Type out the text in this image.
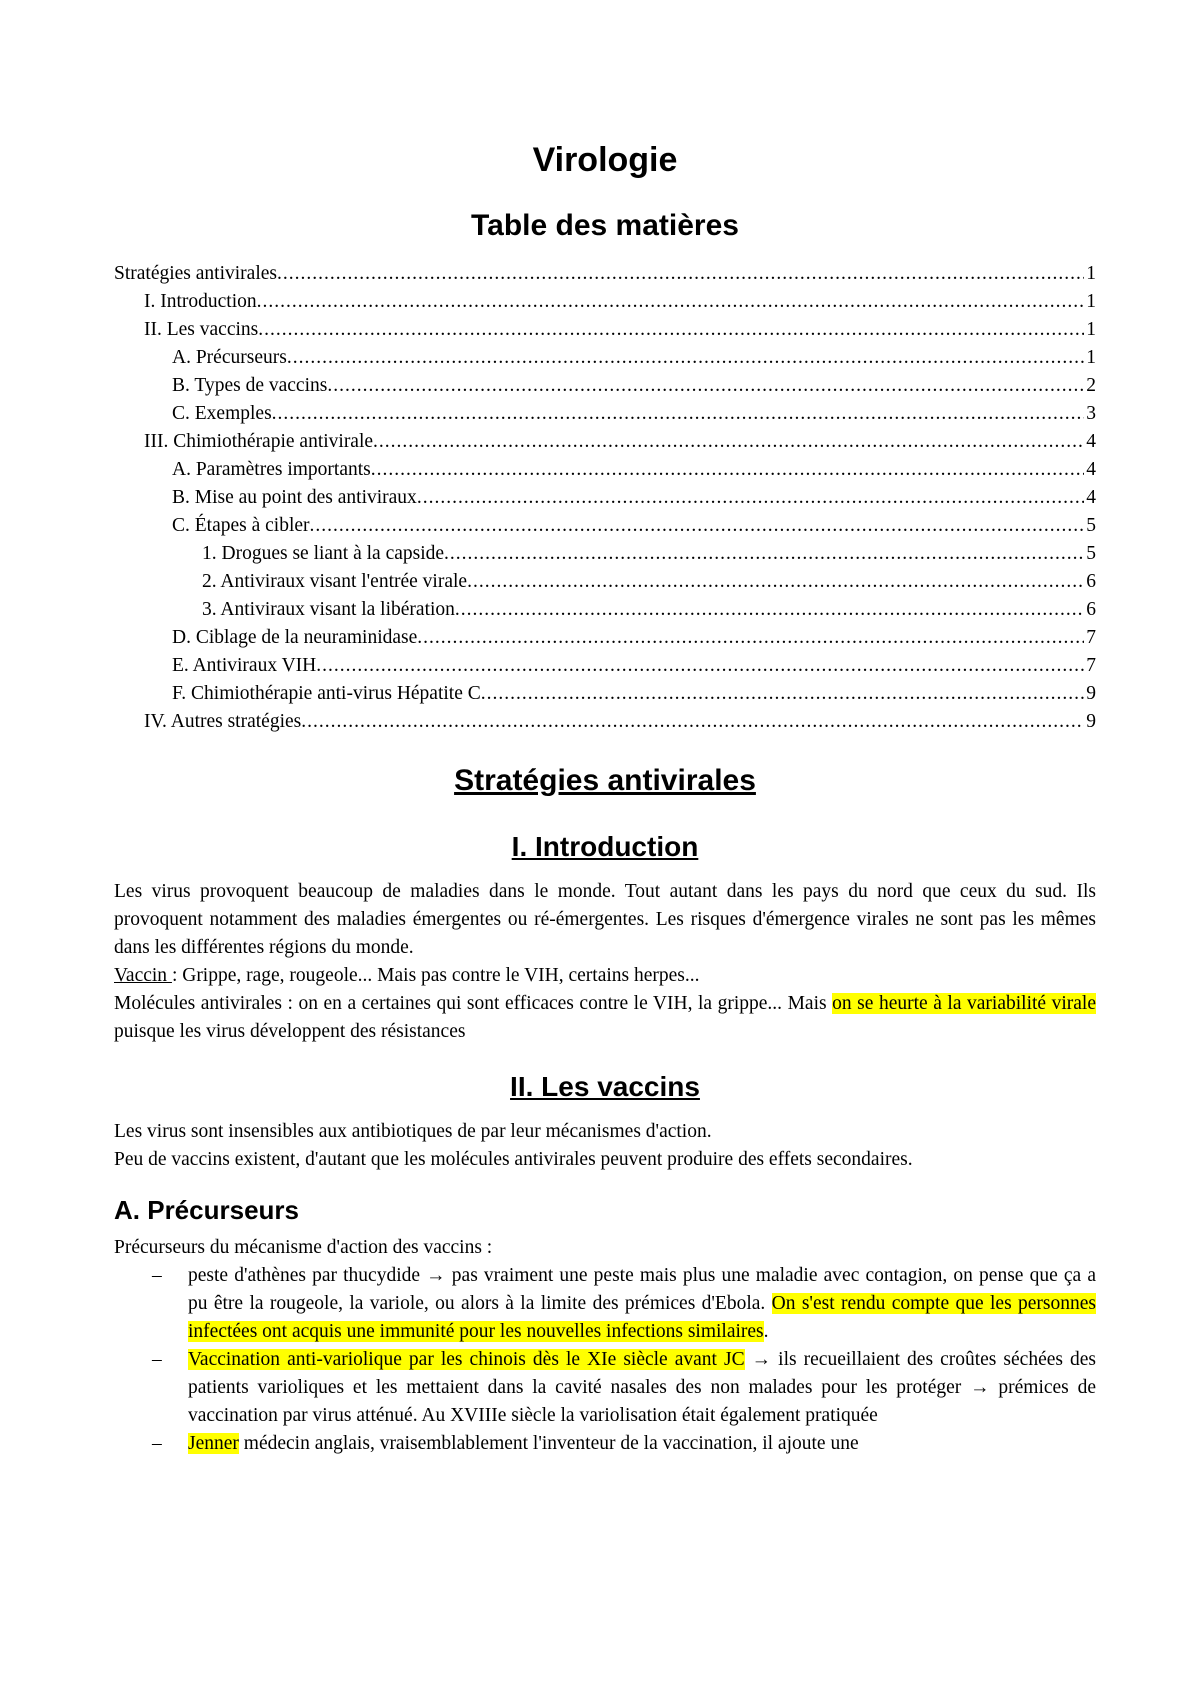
Virologie
Table des matières
Stratégies antivirales .....	1
I. Introduction .....	1
II. Les vaccins .....	1
A. Précurseurs .....	1
B. Types de vaccins .....	2
C. Exemples .....	3
III. Chimiothérapie antivirale .....	4
A. Paramètres importants .....	4
B. Mise au point des antiviraux .....	4
C. Étapes à cibler .....	5
1. Drogues se liant à la capside .....	5
2. Antiviraux visant l'entrée virale .....	6
3. Antiviraux visant la libération .....	6
D. Ciblage de la neuraminidase .....	7
E. Antiviraux VIH .....	7
F. Chimiothérapie anti-virus Hépatite C .....	9
IV. Autres stratégies .....	9
Stratégies antivirales
I. Introduction

Les virus provoquent beaucoup de maladies dans le monde. Tout autant dans les pays du nord que ceux du sud. Ils provoquent notamment des maladies émergentes ou ré-émergentes. Les risques d'émergence virales ne sont pas les mêmes dans les différentes régions du monde.

Vaccin : Grippe, rage, rougeole... Mais pas contre le VIH, certains herpes...

Molécules antivirales : on en a certaines qui sont efficaces contre le VIH, la grippe... Mais on se heurte à la variabilité virale puisque les virus développent des résistances

II. Les vaccins

Les virus sont insensibles aux antibiotiques de par leur mécanismes d'action.

Peu de vaccins existent, d'autant que les molécules antivirales peuvent produire des effets secondaires.

A. Précurseurs

Précurseurs du mécanisme d'action des vaccins :

– peste d'athènes par thucydide → pas vraiment une peste mais plus une maladie avec contagion, on pense que ça a pu être la rougeole, la variole, ou alors à la limite des prémices d'Ebola. On s'est rendu compte que les personnes infectées ont acquis une immunité pour les nouvelles infections similaires.
– Vaccination anti-variolique par les chinois dès le XIe siècle avant JC → ils recueillaient des croûtes séchées des patients varioliques et les mettaient dans la cavité nasales des non malades pour les protéger → prémices de vaccination par virus atténué. Au XVIIIe siècle la variolisation était également pratiquée
– Jenner médecin anglais, vraisemblablement l'inventeur de la vaccination, il ajoute une
